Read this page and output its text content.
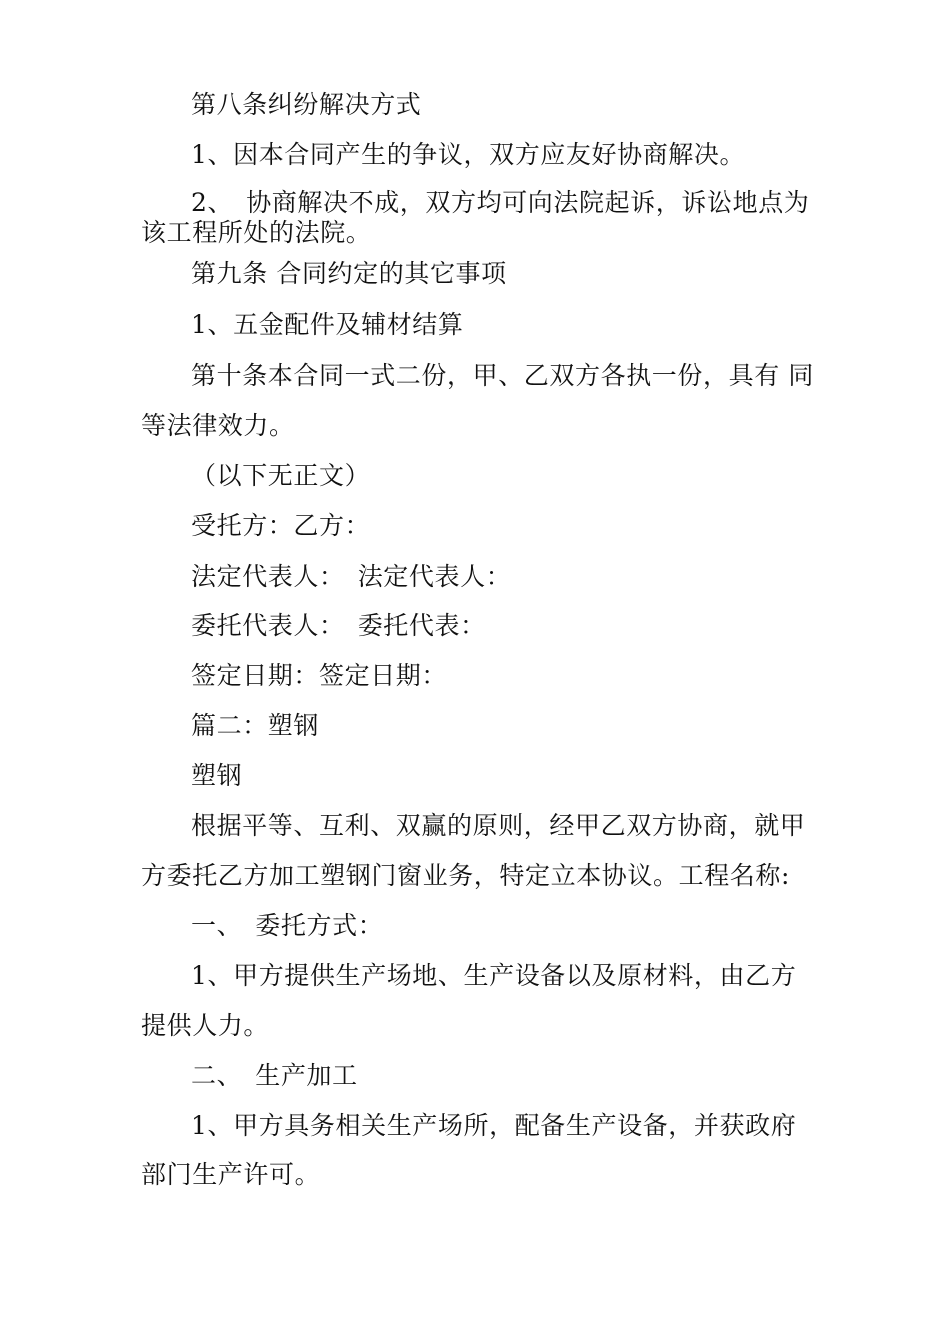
第八条纠纷解决方式
1、因本合同产生的争议，双方应友好协商解决。
2、　协商解决不成，双方均可向法院起诉，诉讼地点为
该工程所处的法院。
第九条 合同约定的其它事项
1、五金配件及辅材结算
第十条本合同一式二份，甲、乙双方各执一份，具有 同
等法律效力。
（以下无正文）
受托方：乙方：
法定代表人：　法定代表人：
委托代表人：　委托代表：
签定日期：签定日期：
篇二：塑钢
塑钢
根据平等、互利、双赢的原则，经甲乙双方协商，就甲
方委托乙方加工塑钢门窗业务，特定立本协议。工程名称:
一、　委托方式：
1、甲方提供生产场地、生产设备以及原材料，由乙方
提供人力。
二、　生产加工
1、甲方具务相关生产场所，配备生产设备，并获政府
部门生产许可。
